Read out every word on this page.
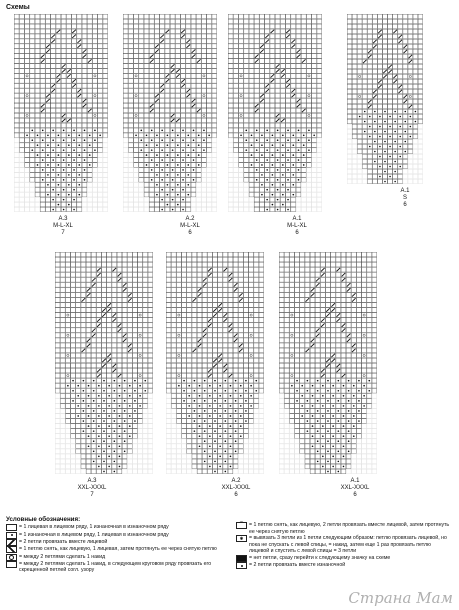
Схемы
A.3
M-L-XL
7
A.2
M-L-XL
6
A.1
M-L-XL
6
A.1
S
6
A.3
XXL-XXXL
7
A.2
XXL-XXXL
6
A.1
XXL-XXXL
6
Условные обозначения:
= 1 лицевая в лицевом ряду, 1 изнаночная в изнаночном ряду
= 1 изнаночная в лицевом ряду, 1 лицевая в изнаночном ряду
= 2 петли провязать вместе лицевой
= 1 петлю снять, как лицевую, 1 лицевая, затем протянуть ее через снятую петлю
= между 2 петлями сделать 1 накид
⌒
= между 2 петлями сделать 1 накид, в следующем круговом ряду провязать его скрещенной петлей согл. узору
⌒
= 1 петлю снять, как лицевую, 2 петли провязать вместе лицевой, затем протянуть ее через снятую петлю
✱
= вывязать 3 петли из 1 петли следующим образом: петлю провязать лицевой, но пока не спускать с левой спицы, = накид, затем еще 1 раз провязать петлю лицевой и спустить с левой спицы = 3 петли
= нет петли, сразу перейти к следующему значку на схеме
= 2 петли провязать вместе изнаночной
Страна Мам
